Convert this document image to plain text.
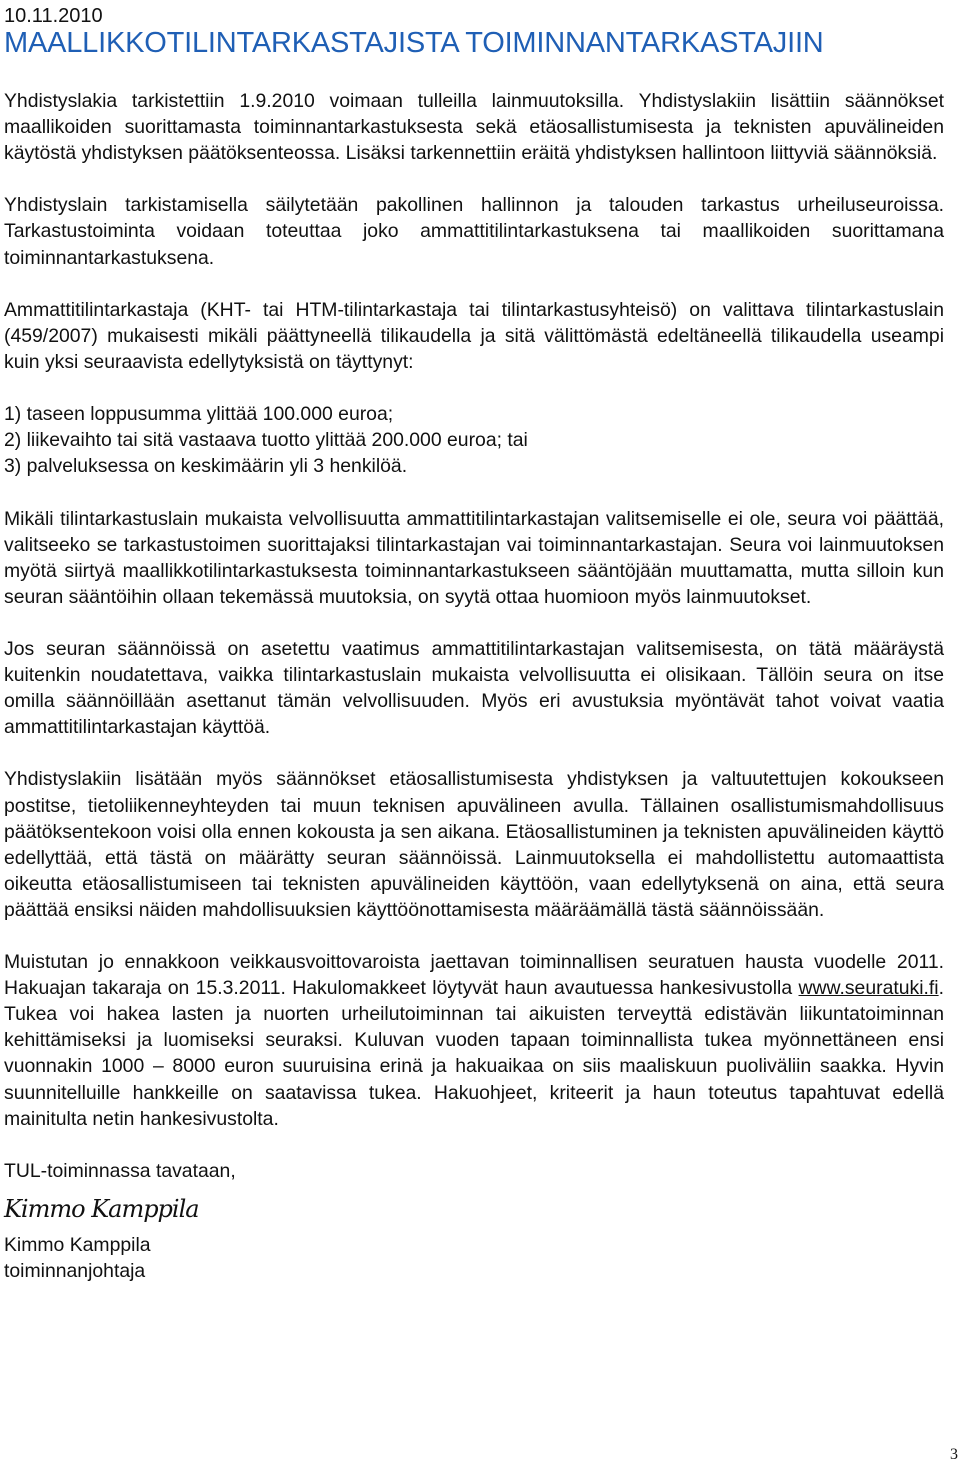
10.11.2010

MAALLIKKOTILINTARKASTAJISTA TOIMINNANTARKASTAJIIN

Yhdistyslakia tarkistettiin 1.9.2010 voimaan tulleilla lainmuutoksilla. Yhdistyslakiin lisättiin säännökset maallikoiden suorittamasta toiminnantarkastuksesta sekä etäosallistumisesta ja teknisten apuvälineiden käytöstä yhdistyksen päätöksenteossa. Lisäksi tarkennettiin eräitä yhdistyksen hallintoon liittyviä säännöksiä.

Yhdistyslain tarkistamisella säilytetään pakollinen hallinnon ja talouden tarkastus urheiluseuroissa. Tarkastustoiminta voidaan toteuttaa joko ammattitilintarkastuksena tai maallikoiden suorittamana toiminnantarkastuksena.

Ammattitilintarkastaja (KHT- tai HTM-tilintarkastaja tai tilintarkastusyhteisö) on valittava tilintarkastuslain (459/2007) mukaisesti mikäli päättyneellä tilikaudella ja sitä välittömästä edeltäneellä tilikaudella useampi kuin yksi seuraavista edellytyksistä on täyttynyt:

1) taseen loppusumma ylittää 100.000 euroa;
2) liikevaihto tai sitä vastaava tuotto ylittää 200.000 euroa; tai
3) palveluksessa on keskimäärin yli 3 henkilöä.

Mikäli tilintarkastuslain mukaista velvollisuutta ammattitilintarkastajan valitsemiselle ei ole, seura voi päättää, valitseeko se tarkastustoimen suorittajaksi tilintarkastajan vai toiminnantarkastajan. Seura voi lainmuutoksen myötä siirtyä maallikkotilintarkastuksesta toiminnantarkastukseen sääntöjään muuttamatta, mutta silloin kun seuran sääntöihin ollaan tekemässä muutoksia, on syytä ottaa huomioon myös lainmuutokset.

Jos seuran säännöissä on asetettu vaatimus ammattitilintarkastajan valitsemisesta, on tätä määräystä kuitenkin noudatettava, vaikka tilintarkastuslain mukaista velvollisuutta ei olisikaan. Tällöin seura on itse omilla säännöillään asettanut tämän velvollisuuden. Myös eri avustuksia myöntävät tahot voivat vaatia ammattitilintarkastajan käyttöä.

Yhdistyslakiin lisätään myös säännökset etäosallistumisesta yhdistyksen ja valtuutettujen kokoukseen postitse, tietoliikenneyhteyden tai muun teknisen apuvälineen avulla. Tällainen osallistumismahdollisuus päätöksentekoon voisi olla ennen kokousta ja sen aikana. Etäosallistuminen ja teknisten apuvälineiden käyttö edellyttää, että tästä on määrätty seuran säännöissä. Lainmuutoksella ei mahdollistettu automaattista oikeutta etäosallistumiseen tai teknisten apuvälineiden käyttöön, vaan edellytyksenä on aina, että seura päättää ensiksi näiden mahdollisuuksien käyttöönottamisesta määräämällä tästä säännöissään.

Muistutan jo ennakkoon veikkausvoittovaroista jaettavan toiminnallisen seuratuen hausta vuodelle 2011. Hakuajan takaraja on 15.3.2011. Hakulomakkeet löytyvät haun avautuessa hankesivustolla www.seuratuki.fi. Tukea voi hakea lasten ja nuorten urheilutoiminnan tai aikuisten terveyttä edistävän liikuntatoiminnan kehittämiseksi ja luomiseksi seuraksi. Kuluvan vuoden tapaan toiminnallista tukea myönnettäneen ensi vuonnakin 1000 – 8000 euron suuruisina erinä ja hakuaikaa on siis maaliskuun puoliväliin saakka. Hyvin suunnitelluille hankkeille on saatavissa tukea. Hakuohjeet, kriteerit ja haun toteutus tapahtuvat edellä mainitulta netin hankesivustolta.

TUL-toiminnassa tavataan,

Kimmo Kamppila

Kimmo Kamppila

toiminnanjohtaja

3
